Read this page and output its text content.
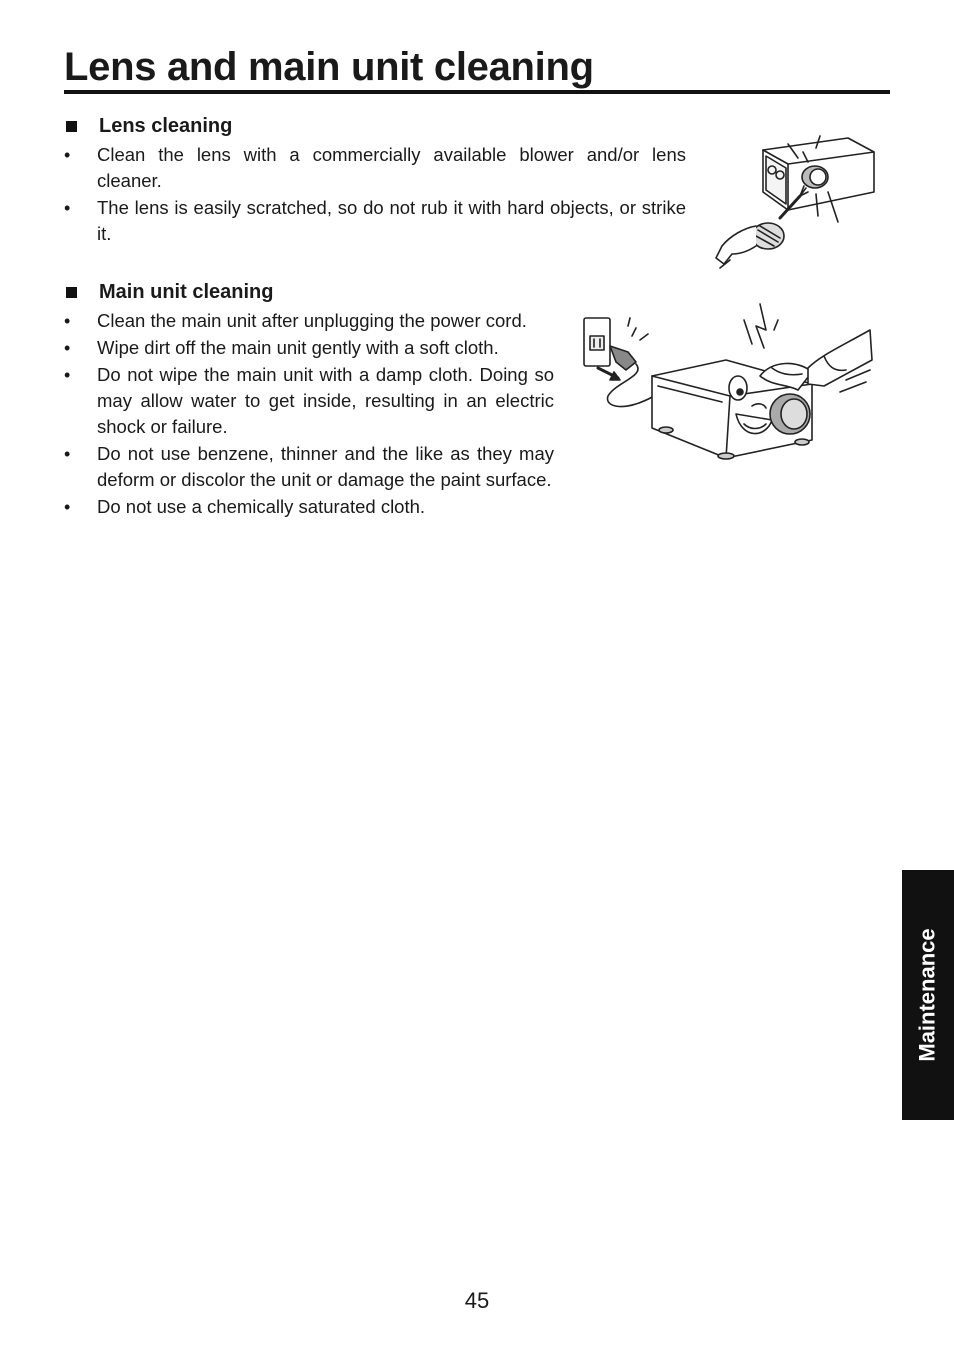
Lens and main unit cleaning
Lens cleaning
• Clean the lens with a commercially available blower and/or lens cleaner.
• The lens is easily scratched, so do not rub it with hard objects, or strike it.
Main unit cleaning
• Clean the main unit after unplugging the power cord.
• Wipe dirt off the main unit gently with a soft cloth.
• Do not wipe the main unit with a damp cloth. Doing so may allow water to get inside, resulting in an electric shock or failure.
• Do not use benzene, thinner and the like as they may deform or discolor the unit or damage the paint surface.
• Do not use a chemically saturated cloth.
Maintenance
45
